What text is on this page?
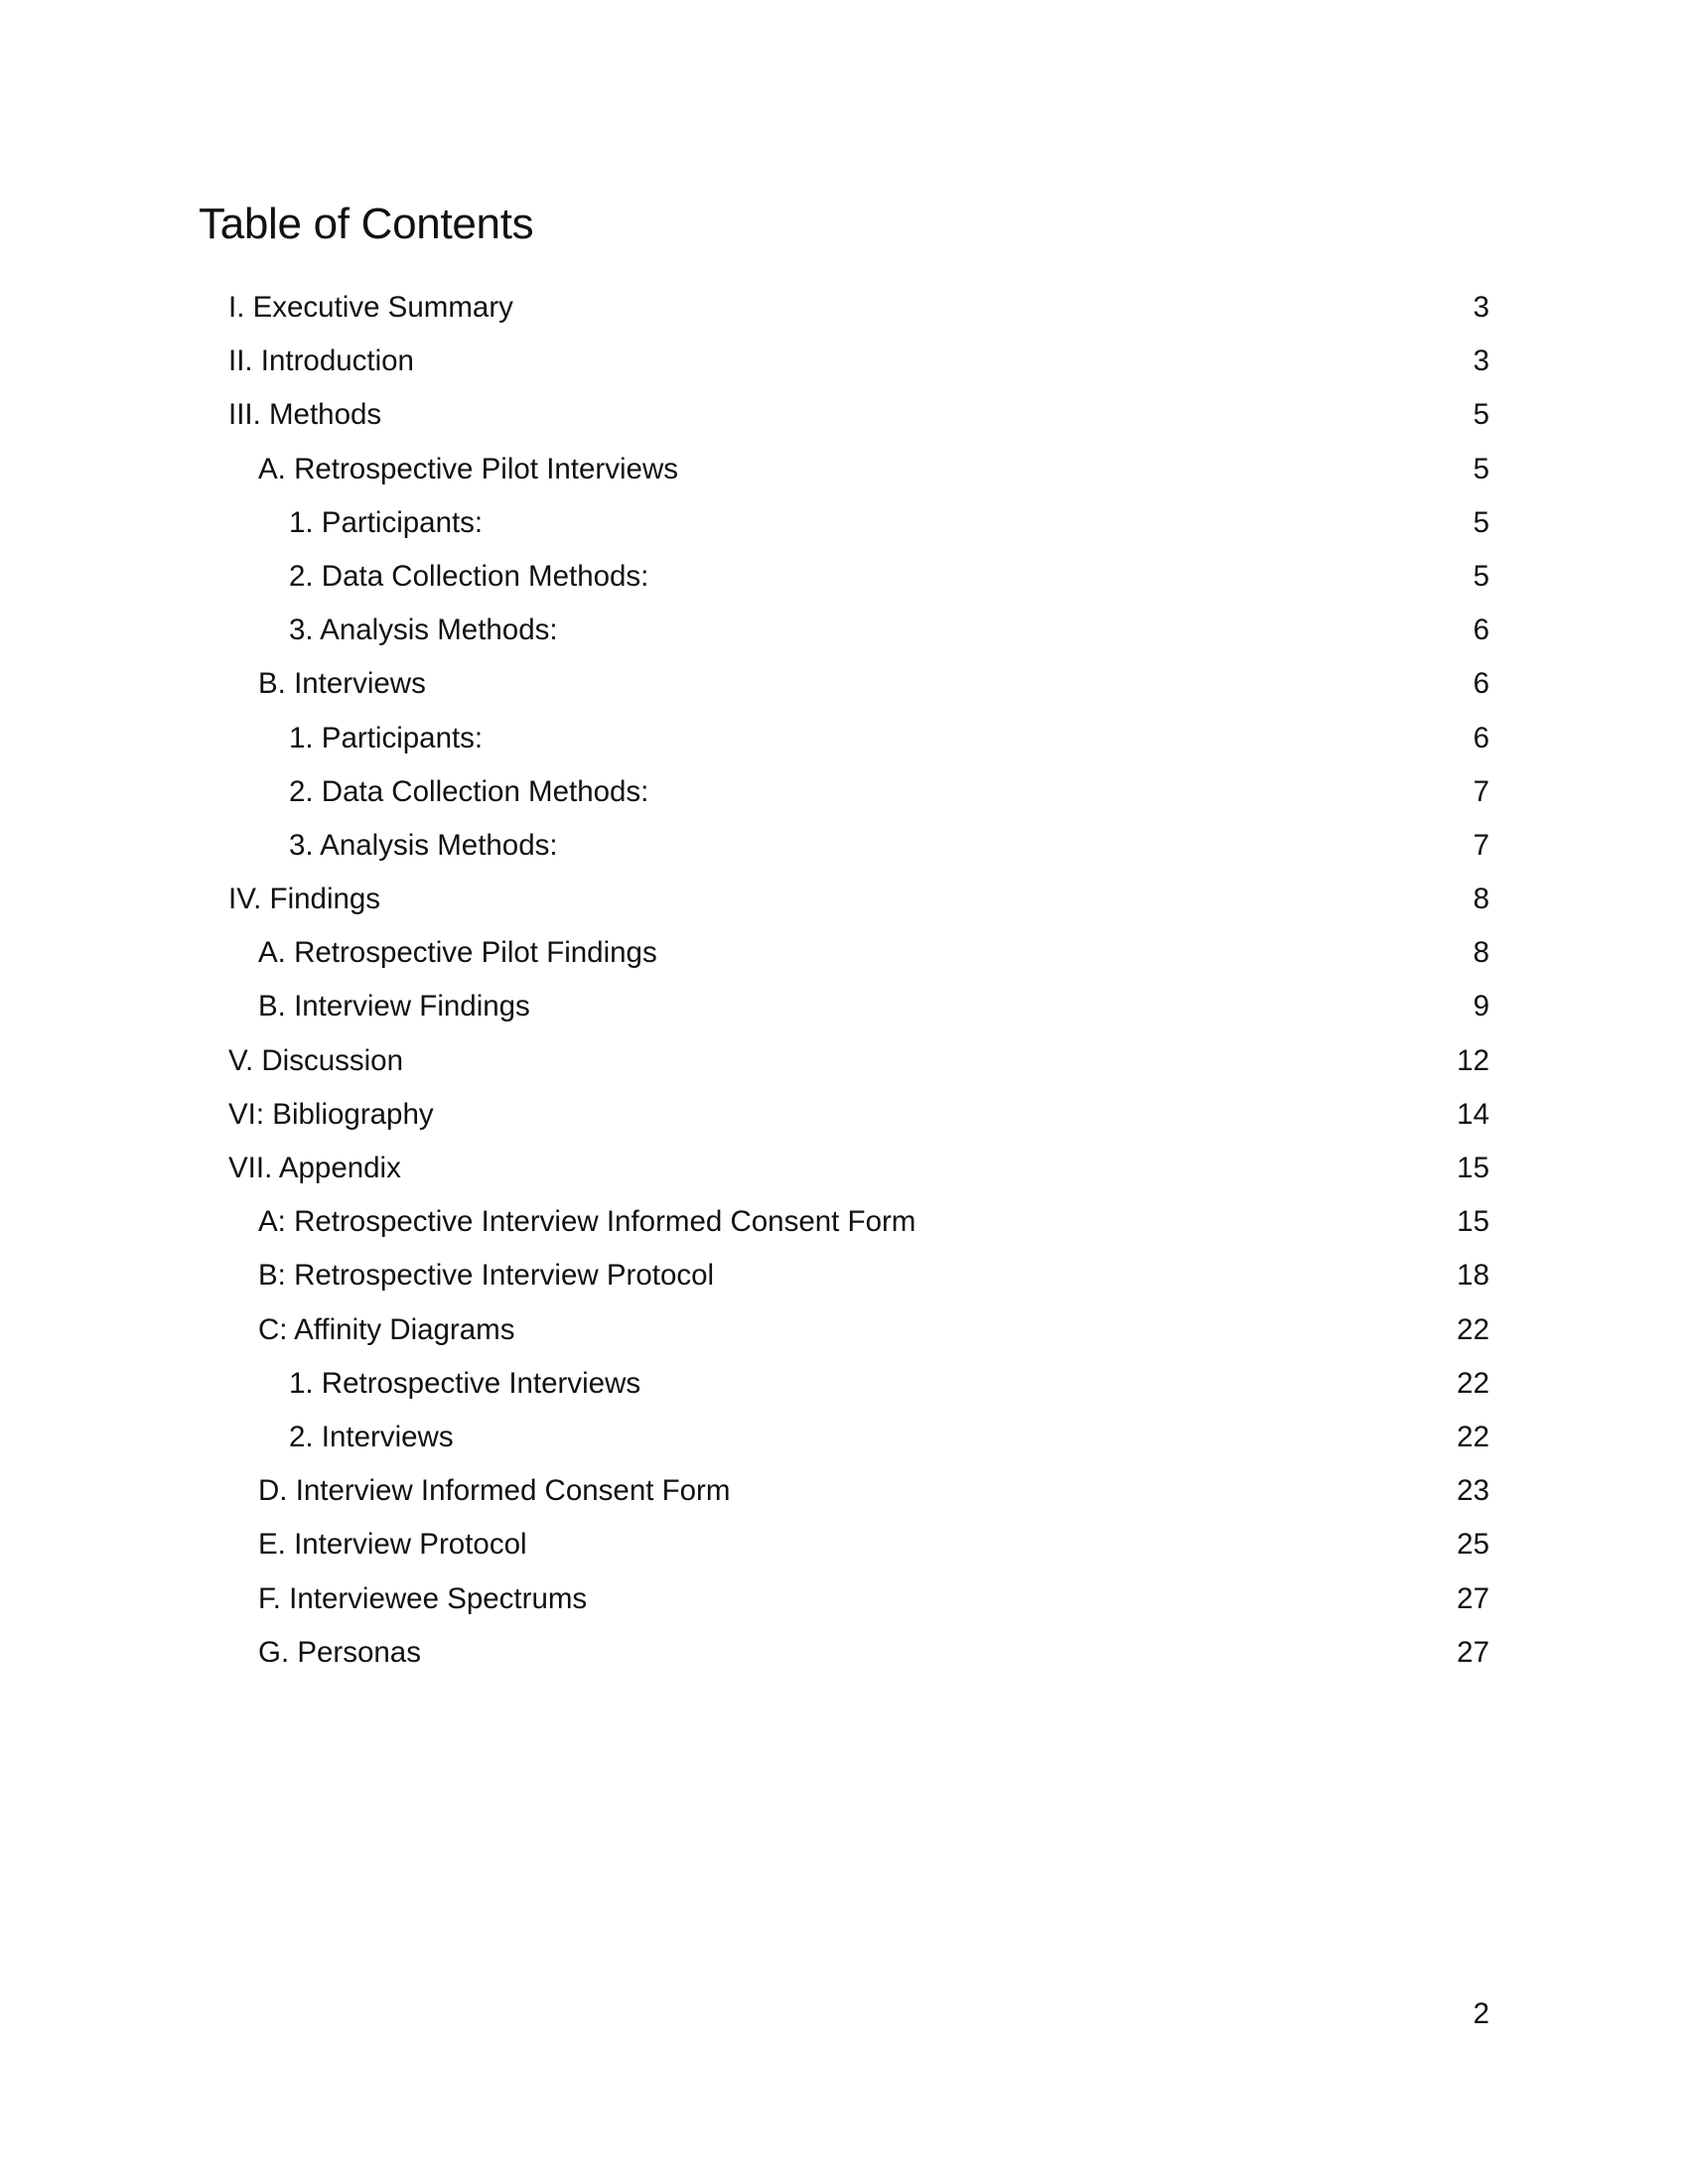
Table of Contents
I. Executive Summary	3
II. Introduction	3
III. Methods	5
A. Retrospective Pilot Interviews	5
1. Participants:	5
2. Data Collection Methods:	5
3. Analysis Methods:	6
B. Interviews	6
1. Participants:	6
2. Data Collection Methods:	7
3. Analysis Methods:	7
IV. Findings	8
A. Retrospective Pilot Findings	8
B. Interview Findings	9
V. Discussion	12
VI: Bibliography	14
VII. Appendix	15
A: Retrospective Interview Informed Consent Form	15
B: Retrospective Interview Protocol	18
C: Affinity Diagrams	22
1. Retrospective Interviews	22
2. Interviews	22
D. Interview Informed Consent Form	23
E. Interview Protocol	25
F. Interviewee Spectrums	27
G. Personas	27
2
